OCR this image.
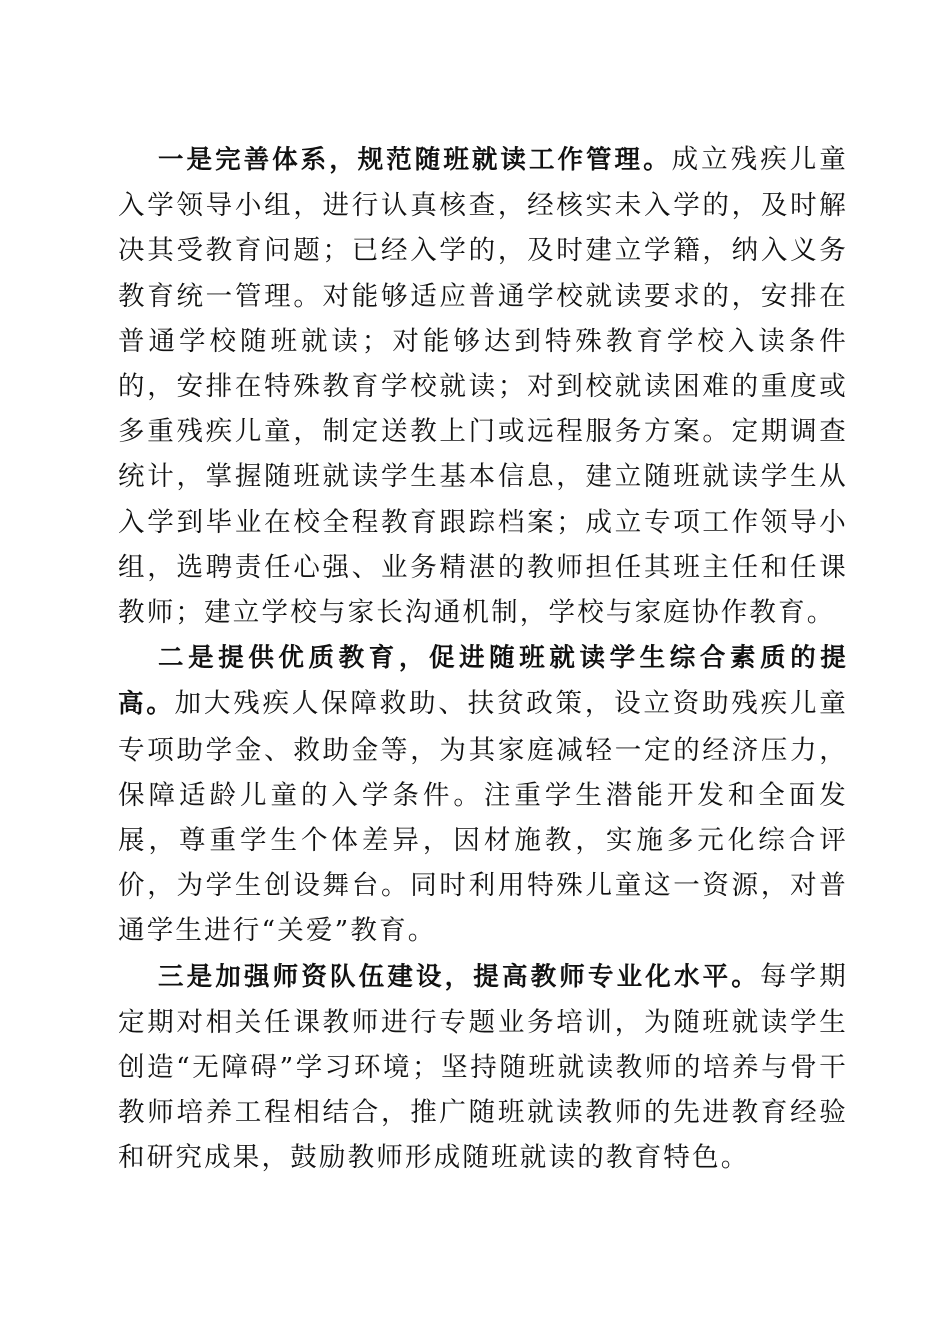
一是完善体系，规范随班就读工作管理。成立残疾儿童入学领导小组，进行认真核查，经核实未入学的，及时解决其受教育问题；已经入学的，及时建立学籍，纳入义务教育统一管理。对能够适应普通学校就读要求的，安排在普通学校随班就读；对能够达到特殊教育学校入读条件的，安排在特殊教育学校就读；对到校就读困难的重度或多重残疾儿童，制定送教上门或远程服务方案。定期调查统计，掌握随班就读学生基本信息，建立随班就读学生从入学到毕业在校全程教育跟踪档案；成立专项工作领导小组，选聘责任心强、业务精湛的教师担任其班主任和任课教师；建立学校与家长沟通机制，学校与家庭协作教育。

二是提供优质教育，促进随班就读学生综合素质的提高。加大残疾人保障救助、扶贫政策，设立资助残疾儿童专项助学金、救助金等，为其家庭减轻一定的经济压力，保障适龄儿童的入学条件。注重学生潜能开发和全面发展，尊重学生个体差异，因材施教，实施多元化综合评价，为学生创设舞台。同时利用特殊儿童这一资源，对普通学生进行“关爱”教育。

三是加强师资队伍建设，提高教师专业化水平。每学期定期对相关任课教师进行专题业务培训，为随班就读学生创造“无障碍”学习环境；坚持随班就读教师的培养与骨干教师培养工程相结合，推广随班就读教师的先进教育经验和研究成果，鼓励教师形成随班就读的教育特色。
